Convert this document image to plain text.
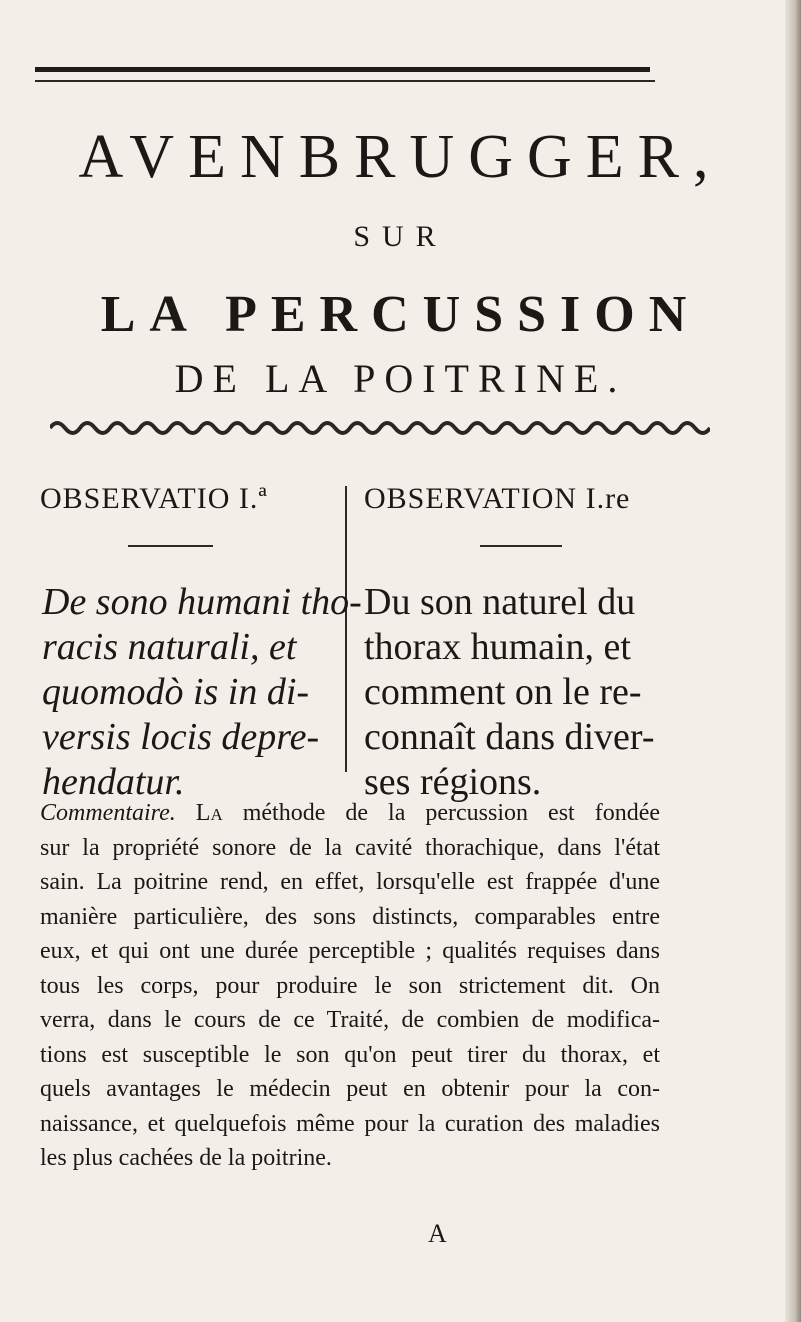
AVENBRUGGER,
SUR
LA PERCUSSION
DE LA POITRINE.
OBSERVATIO I.ª	OBSERVATION I.re
De sono humani tho-
racis naturali, et
quomodò is in di-
versis locis depre-
hendatur.
Du son naturel du
thorax humain, et
comment on le re-
connaît dans diver-
ses régions.
Commentaire. La méthode de la percussion est fondée
sur la propriété sonore de la cavité thorachique, dans l'état
sain. La poitrine rend, en effet, lorsqu'elle est frappée d'une
manière particulière, des sons distincts, comparables entre
eux, et qui ont une durée perceptible ; qualités requises dans
tous les corps, pour produire le son strictement dit. On
verra, dans le cours de ce Traité, de combien de modifica-
tions est susceptible le son qu'on peut tirer du thorax, et
quels avantages le médecin peut en obtenir pour la con-
naissance, et quelquefois même pour la curation des maladies
les plus cachées de la poitrine.
A
